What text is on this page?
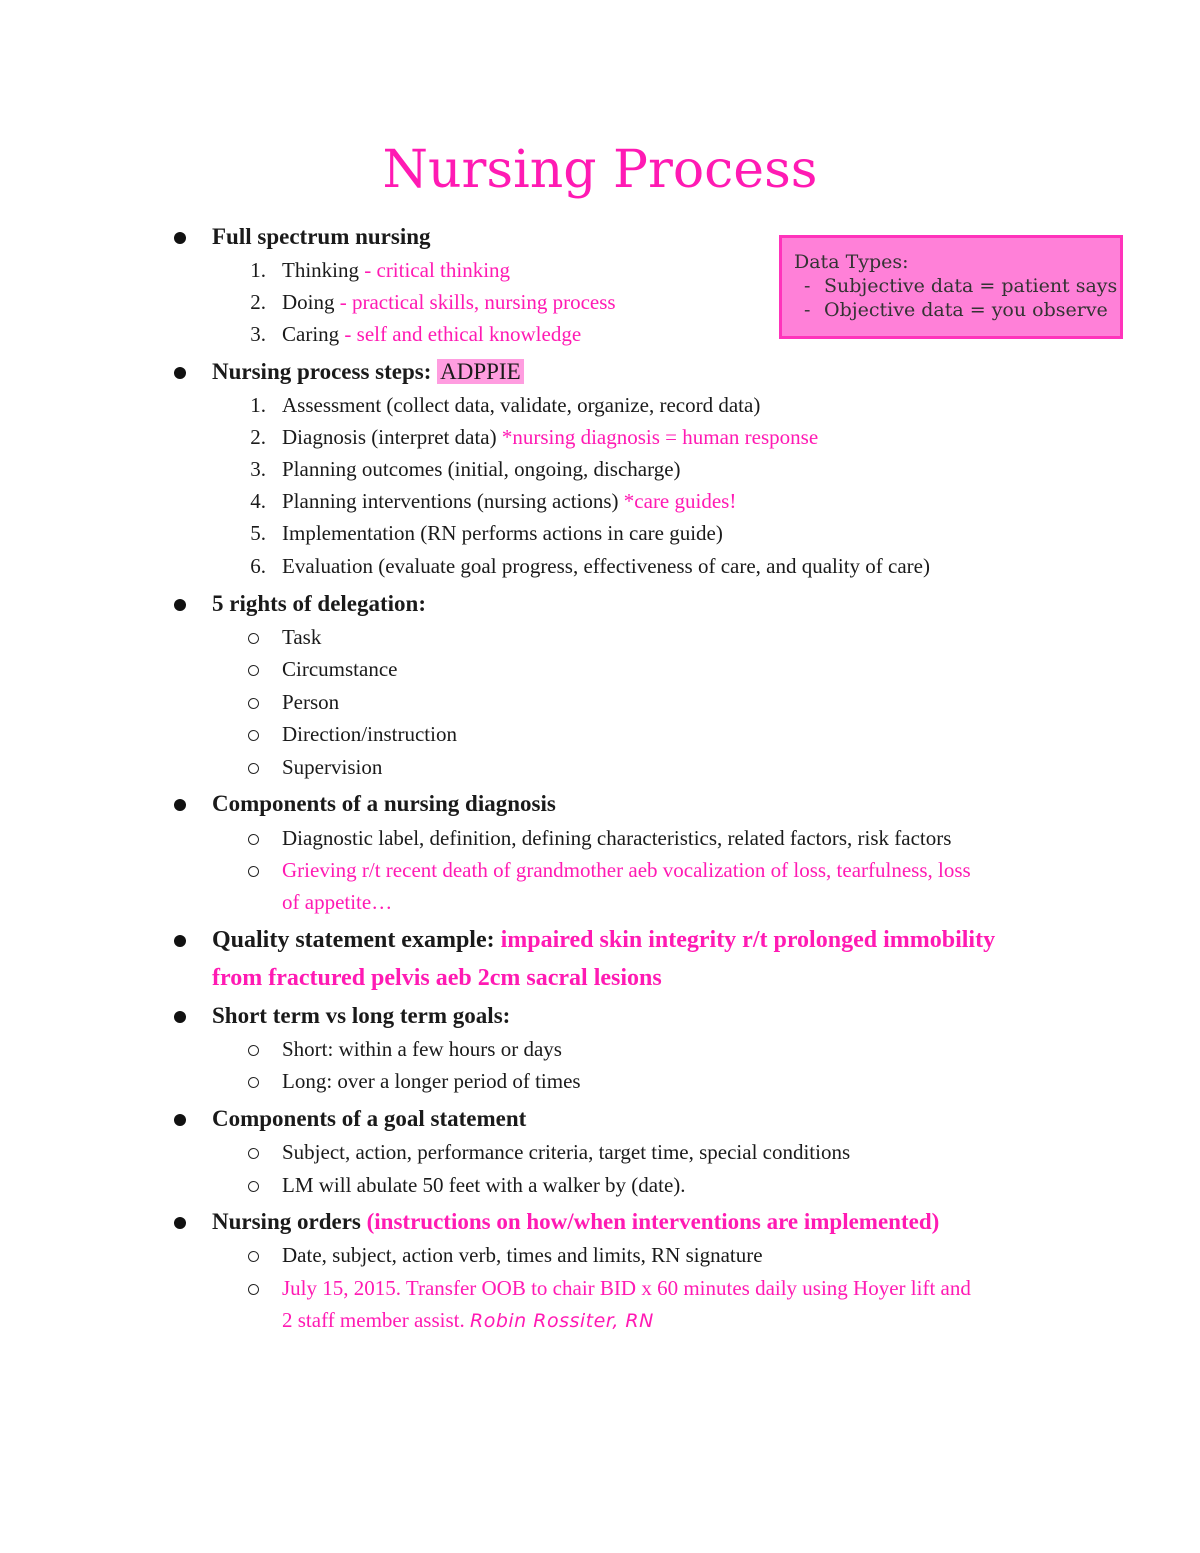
Nursing Process
Data Types:
- Subjective data = patient says
- Objective data = you observe
Full spectrum nursing
1. Thinking - critical thinking
2. Doing - practical skills, nursing process
3. Caring - self and ethical knowledge
Nursing process steps: ADPPIE
1. Assessment (collect data, validate, organize, record data)
2. Diagnosis (interpret data) *nursing diagnosis = human response
3. Planning outcomes (initial, ongoing, discharge)
4. Planning interventions (nursing actions) *care guides!
5. Implementation (RN performs actions in care guide)
6. Evaluation (evaluate goal progress, effectiveness of care, and quality of care)
5 rights of delegation:
Task
Circumstance
Person
Direction/instruction
Supervision
Components of a nursing diagnosis
Diagnostic label, definition, defining characteristics, related factors, risk factors
Grieving r/t recent death of grandmother aeb vocalization of loss, tearfulness, loss
of appetite…
Quality statement example: impaired skin integrity r/t prolonged immobility
from fractured pelvis aeb 2cm sacral lesions
Short term vs long term goals:
Short: within a few hours or days
Long: over a longer period of times
Components of a goal statement
Subject, action, performance criteria, target time, special conditions
LM will abulate 50 feet with a walker by (date).
Nursing orders (instructions on how/when interventions are implemented)
Date, subject, action verb, times and limits, RN signature
July 15, 2015. Transfer OOB to chair BID x 60 minutes daily using Hoyer lift and
2 staff member assist. Robin Rossiter, RN
